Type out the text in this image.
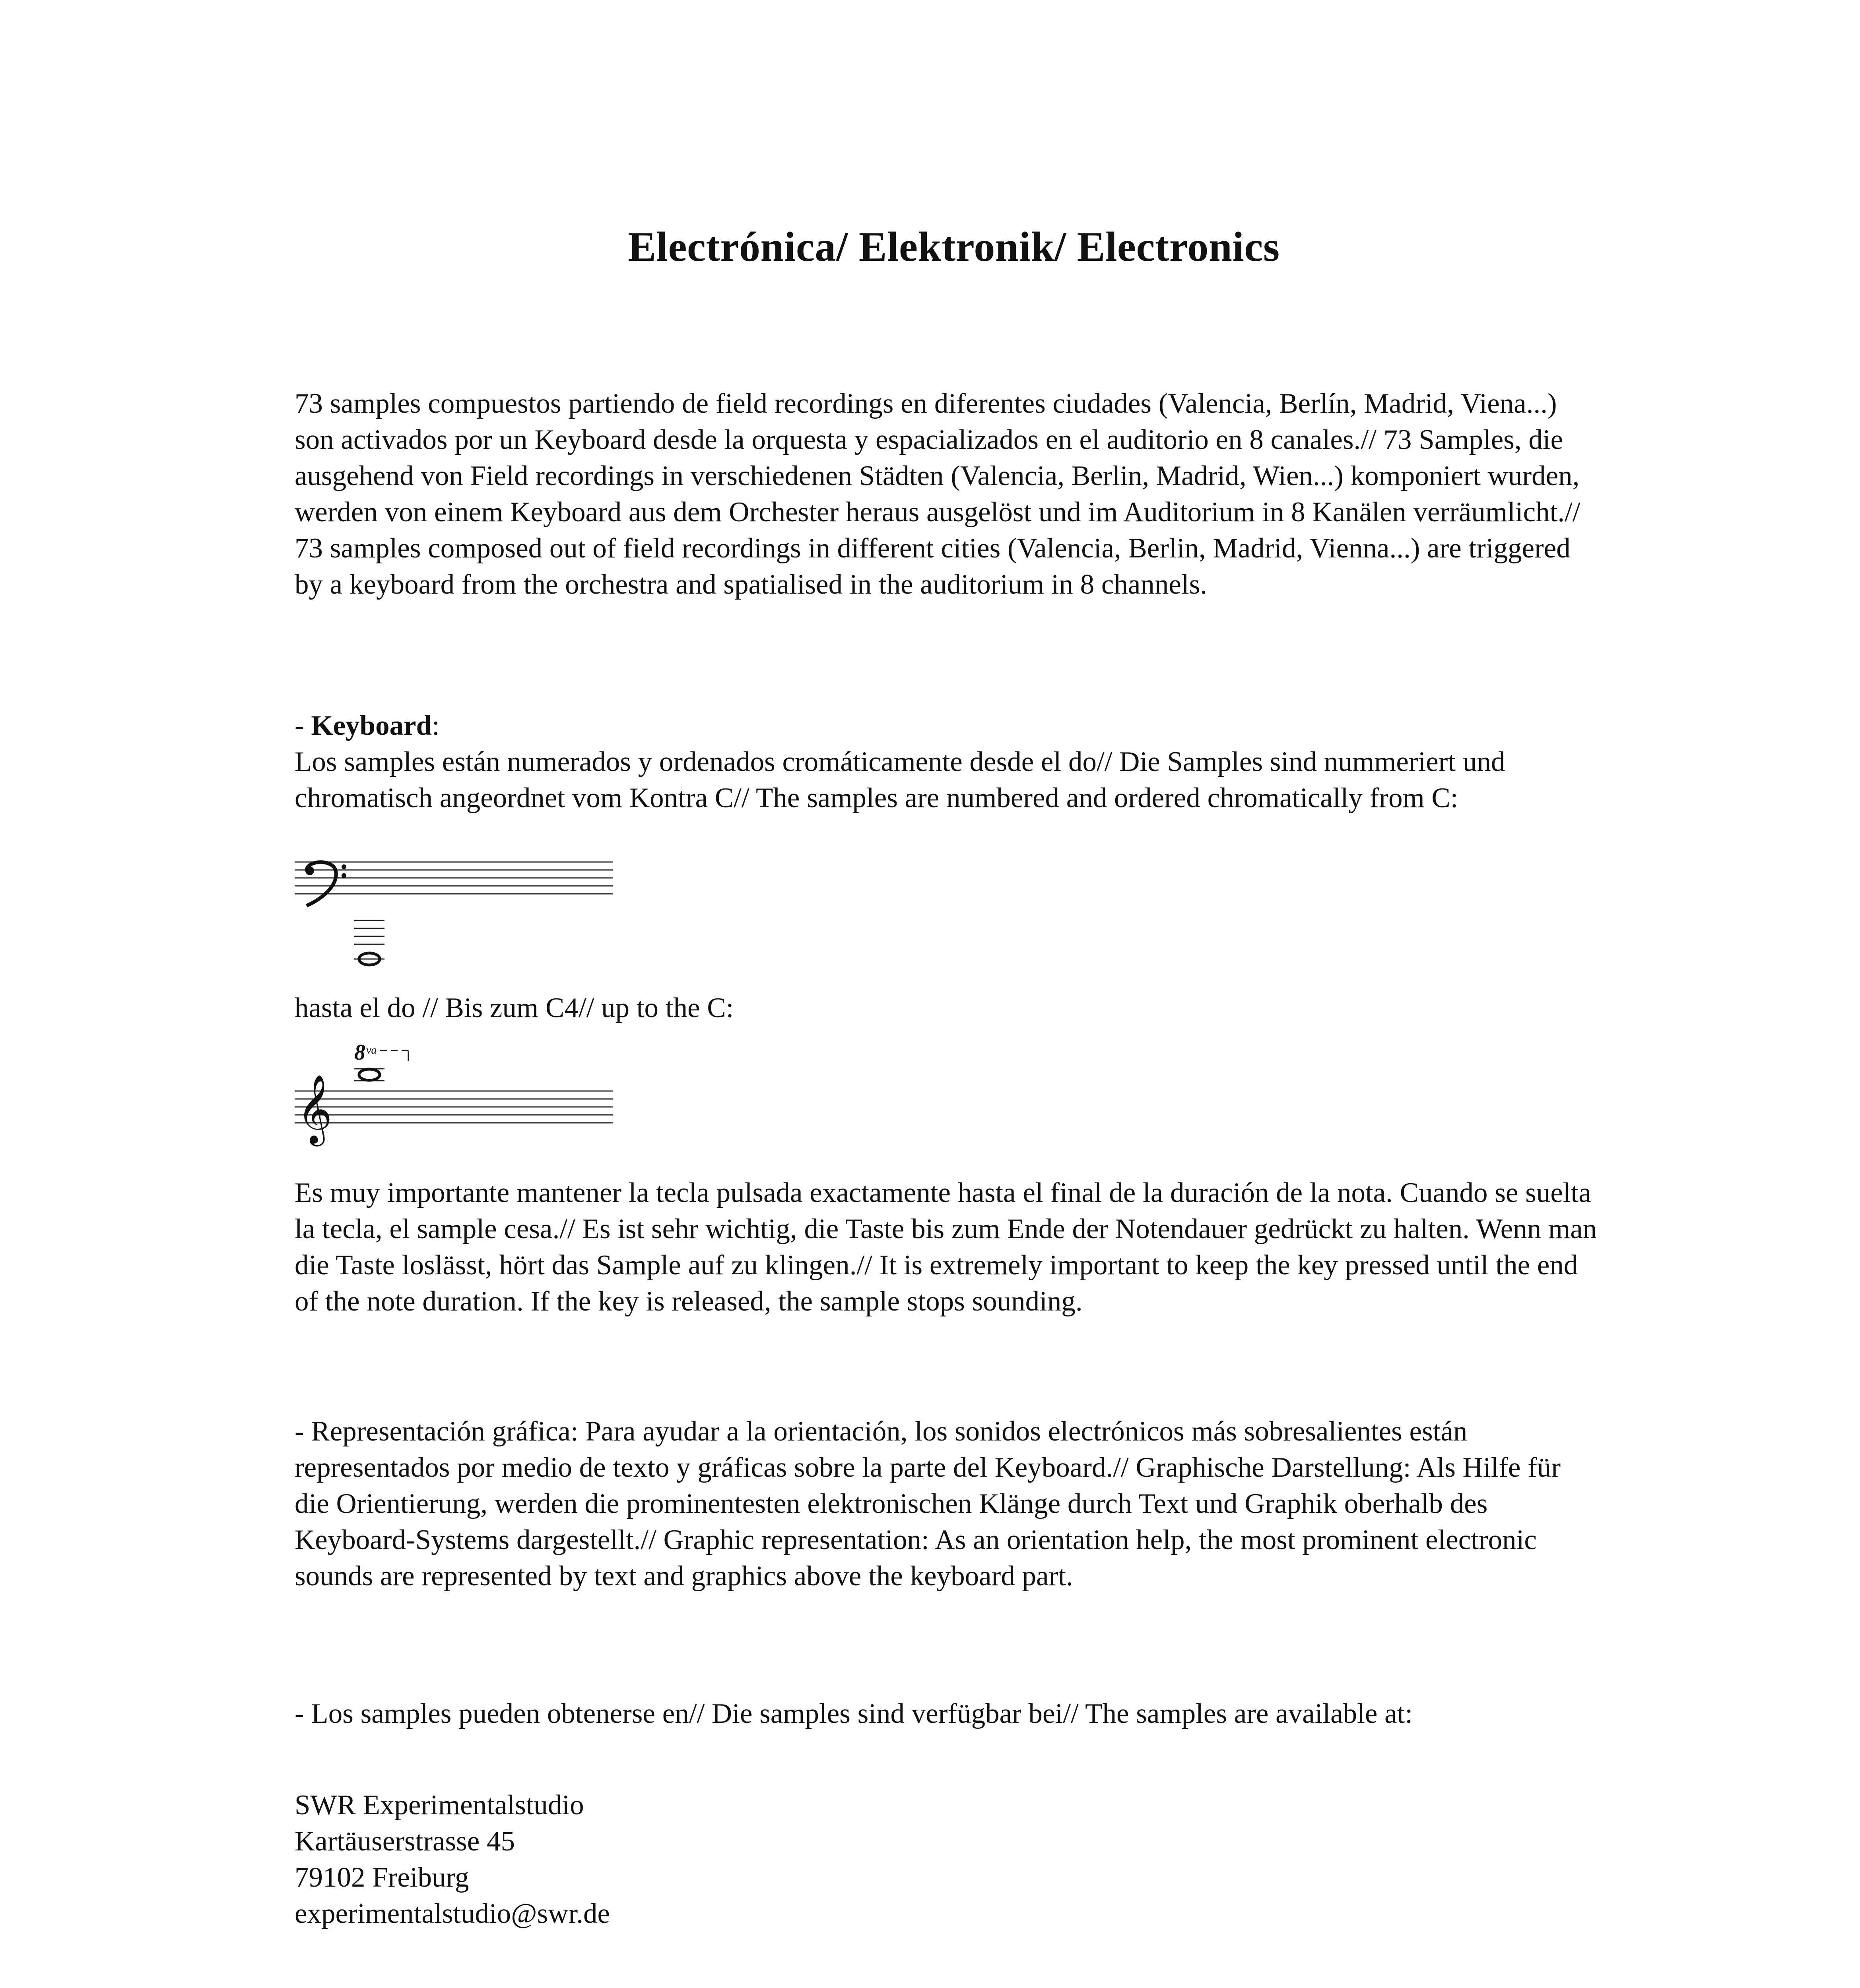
Electrónica/ Elektronik/ Electronics

73 samples compuestos partiendo de field recordings en diferentes ciudades (Valencia, Berlín, Madrid, Viena...) son activados por un Keyboard desde la orquesta y espacializados en el auditorio en 8 canales.// 73 Samples, die ausgehend von Field recordings in verschiedenen Städten (Valencia, Berlin, Madrid, Wien...) komponiert wurden, werden von einem Keyboard aus dem Orchester heraus ausgelöst und im Auditorium in 8 Kanälen verräumlicht.// 73 samples composed out of field recordings in different cities (Valencia, Berlin, Madrid, Vienna...) are triggered by a keyboard from the orchestra and spatialised in the auditorium in 8 channels.

- Keyboard:

Los samples están numerados y ordenados cromáticamente desde el do// Die Samples sind nummeriert und chromatisch angeordnet vom Kontra C// The samples are numbered and ordered chromatically from C:

hasta el do // Bis zum C4// up to the C:

8 va
𝄞

Es muy importante mantener la tecla pulsada exactamente hasta el final de la duración de la nota. Cuando se suelta la tecla, el sample cesa.// Es ist sehr wichtig, die Taste bis zum Ende der Notendauer gedrückt zu halten. Wenn man die Taste loslässt, hört das Sample auf zu klingen.// It is extremely important to keep the key pressed until the end of the note duration. If the key is released, the sample stops sounding.

- Representación gráfica: Para ayudar a la orientación, los sonidos electrónicos más sobresalientes están representados por medio de texto y gráficas sobre la parte del Keyboard.// Graphische Darstellung: Als Hilfe für die Orientierung, werden die prominentesten elektronischen Klänge durch Text und Graphik oberhalb des Keyboard-Systems dargestellt.// Graphic representation: As an orientation help, the most prominent electronic sounds are represented by text and graphics above the keyboard part.

- Los samples pueden obtenerse en// Die samples sind verfügbar bei// The samples are available at:

SWR Experimentalstudio

Kartäuserstrasse 45

79102 Freiburg

experimentalstudio@swr.de
